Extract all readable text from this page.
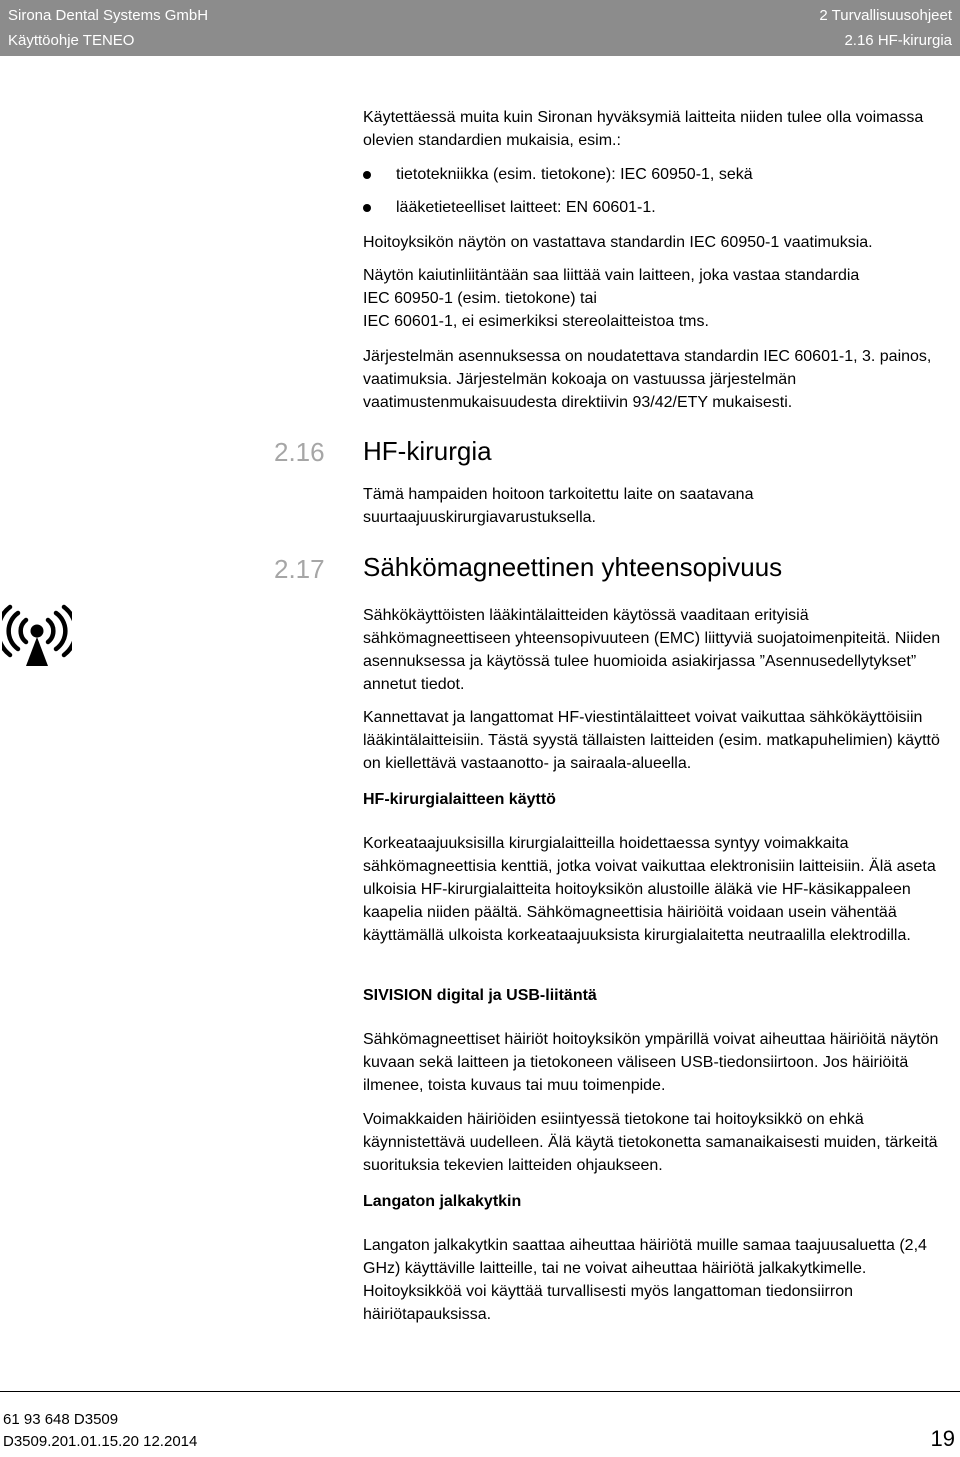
Sirona Dental Systems GmbH
Käyttöohje TENEO
2 Turvallisuusohjeet
2.16 HF-kirurgia

Käytettäessä muita kuin Sironan hyväksymiä laitteita niiden tulee olla voimassa olevien standardien mukaisia, esim.:

tietotekniikka (esim. tietokone): IEC 60950-1, sekä
lääketieteelliset laitteet: EN 60601-1.

Hoitoyksikön näytön on vastattava standardin IEC 60950-1 vaatimuksia.

Näytön kaiutinliitäntään saa liittää vain laitteen, joka vastaa standardia
IEC 60950-1 (esim. tietokone) tai
IEC 60601-1, ei esimerkiksi stereolaitteistoa tms.

Järjestelmän asennuksessa on noudatettava standardin IEC 60601-1, 3. painos, vaatimuksia. Järjestelmän kokoaja on vastuussa järjestelmän vaatimustenmukaisuudesta direktiivin 93/42/ETY mukaisesti.

2.16 HF-kirurgia

Tämä hampaiden hoitoon tarkoitettu laite on saatavana suurtaajuuskirurgiavarustuksella.

2.17 Sähkömagneettinen yhteensopivuus

Sähkökäyttöisten lääkintälaitteiden käytössä vaaditaan erityisiä sähkömagneettiseen yhteensopivuuteen (EMC) liittyviä suojatoimenpiteitä. Niiden asennuksessa ja käytössä tulee huomioida asiakirjassa ”Asennusedellytykset” annetut tiedot.

Kannettavat ja langattomat HF-viestintälaitteet voivat vaikuttaa sähkökäyttöisiin lääkintälaitteisiin. Tästä syystä tällaisten laitteiden (esim. matkapuhelimien) käyttö on kiellettävä vastaanotto- ja sairaala-alueella.

HF-kirurgialaitteen käyttö

Korkeataajuuksisilla kirurgialaitteilla hoidettaessa syntyy voimakkaita sähkömagneettisia kenttiä, jotka voivat vaikuttaa elektronisiin laitteisiin. Älä aseta ulkoisia HF-kirurgialaitteita hoitoyksikön alustoille äläkä vie HF-käsikappaleen kaapelia niiden päältä. Sähkömagneettisia häiriöitä voidaan usein vähentää käyttämällä ulkoista korkeataajuuksista kirurgialaitetta neutraalilla elektrodilla.

SIVISION digital ja USB-liitäntä

Sähkömagneettiset häiriöt hoitoyksikön ympärillä voivat aiheuttaa häiriöitä näytön kuvaan sekä laitteen ja tietokoneen väliseen USB-tiedonsiirtoon. Jos häiriöitä ilmenee, toista kuvaus tai muu toimenpide.

Voimakkaiden häiriöiden esiintyessä tietokone tai hoitoyksikkö on ehkä käynnistettävä uudelleen. Älä käytä tietokonetta samanaikaisesti muiden, tärkeitä suorituksia tekevien laitteiden ohjaukseen.

Langaton jalkakytkin

Langaton jalkakytkin saattaa aiheuttaa häiriötä muille samaa taajuusaluetta (2,4 GHz) käyttäville laitteille, tai ne voivat aiheuttaa häiriötä jalkakytkimelle. Hoitoyksikköä voi käyttää turvallisesti myös langattoman tiedonsiirron häiriötapauksissa.

61 93 648 D3509
D3509.201.01.15.20 12.2014	19
